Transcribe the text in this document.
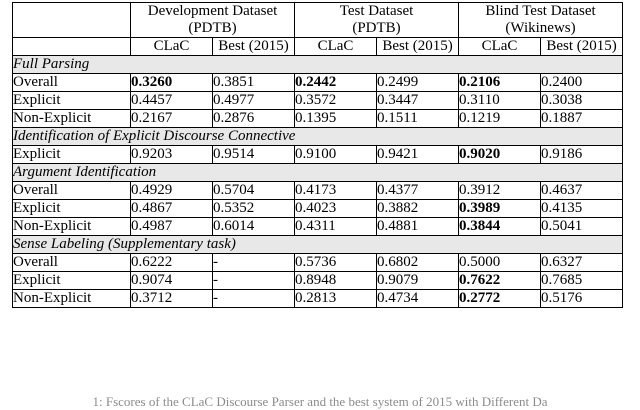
	Development Dataset
(PDTB)		Test Dataset
(PDTB)		Blind Test Dataset
(Wikinews)	

	CLaC	Best (2015)	CLaC	Best (2015)	CLaC	Best (2015)
Full Parsing						
Overall	0.3260	0.3851	0.2442	0.2499	0.2106	0.2400
Explicit	0.4457	0.4977	0.3572	0.3447	0.3110	0.3038
Non-Explicit	0.2167	0.2876	0.1395	0.1511	0.1219	0.1887
Identification of Explicit Discourse Connective						
Explicit	0.9203	0.9514	0.9100	0.9421	0.9020	0.9186
Argument Identification						
Overall	0.4929	0.5704	0.4173	0.4377	0.3912	0.4637
Explicit	0.4867	0.5352	0.4023	0.3882	0.3989	0.4135
Non-Explicit	0.4987	0.6014	0.4311	0.4881	0.3844	0.5041
Sense Labeling (Supplementary task)						
Overall	0.6222	-	0.5736	0.6802	0.5000	0.6327
Explicit	0.9074	-	0.8948	0.9079	0.7622	0.7685
Non-Explicit	0.3712	-	0.2813	0.4734	0.2772	0.5176
1: Fscores of the CLaC Discourse Parser and the best system of 2015 with Different Da
